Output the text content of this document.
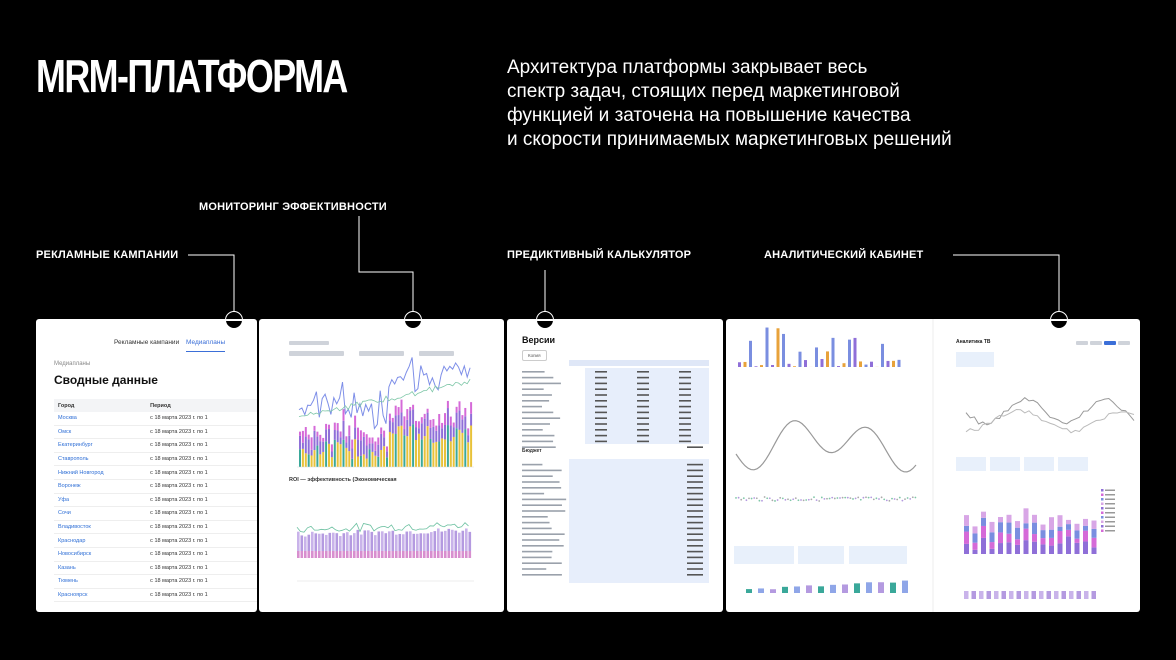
MRM-ПЛАТФОРМА	Архитектура платформы закрывает весь
спектр задач, стоящих перед маркетинговой
функцией и заточена на повышение качества
и скорости принимаемых маркетинговых решений
РЕКЛАМНЫЕ КАМПАНИИ
МОНИТОРИНГ ЭФФЕКТИВНОСТИ
ПРЕДИКТИВНЫЙ КАЛЬКУЛЯТОР	АНАЛИТИЧЕСКИЙ КАБИНЕТ
Рекламные кампании Медиапланы
Медиапланы
Сводные данные
Город	Период
Москва	с 18 марта 2023 г. по 1
Омск	с 18 марта 2023 г. по 1
Екатеринбург	с 18 марта 2023 г. по 1
Ставрополь	с 18 марта 2023 г. по 1
Нижний Новгород	с 18 марта 2023 г. по 1
Воронеж	с 18 марта 2023 г. по 1
Уфа	с 18 марта 2023 г. по 1
Сочи	с 18 марта 2023 г. по 1
Владивосток	с 18 марта 2023 г. по 1
Краснодар	с 18 марта 2023 г. по 1
Новосибирск	с 18 марта 2023 г. по 1
Казань	с 18 марта 2023 г. по 1
Тюмень	с 18 марта 2023 г. по 1
Красноярск	с 18 марта 2023 г. по 1
ROI — эффективность (Экономическая
Версии
Копия
Бюджет
Аналитика ТВ
